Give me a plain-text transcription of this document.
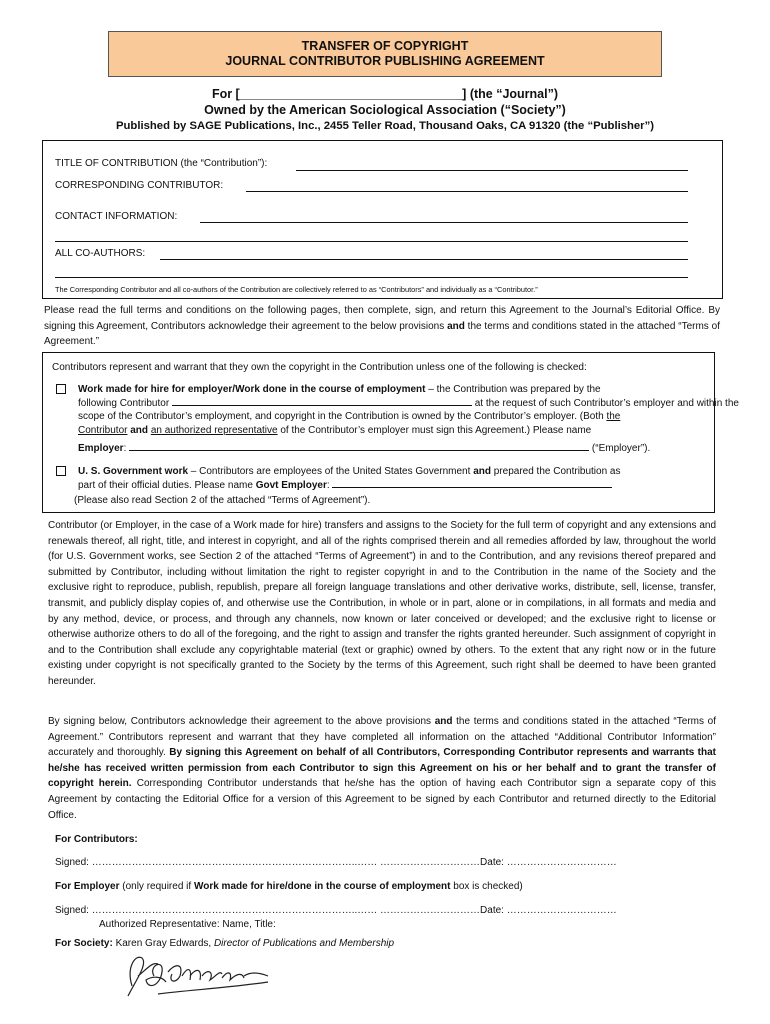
TRANSFER OF COPYRIGHT
JOURNAL CONTRIBUTOR PUBLISHING AGREEMENT
For [________________________________] (the “Journal”)
Owned by the American Sociological Association (“Society”)
Published by SAGE Publications, Inc., 2455 Teller Road, Thousand Oaks, CA 91320 (the “Publisher”)
TITLE OF CONTRIBUTION (the “Contribution”):
CORRESPONDING CONTRIBUTOR:
CONTACT INFORMATION:
ALL CO-AUTHORS:
The Corresponding Contributor and all co-authors of the Contribution are collectively referred to as “Contributors” and individually as a “Contributor.”
Please read the full terms and conditions on the following pages, then complete, sign, and return this Agreement to the Journal’s Editorial Office. By signing this Agreement, Contributors acknowledge their agreement to the below provisions and the terms and conditions stated in the attached “Terms of Agreement.”
Contributors represent and warrant that they own the copyright in the Contribution unless one of the following is checked:
Work made for hire for employer/Work done in the course of employment – the Contribution was prepared by the
following Contributor	at the request of such Contributor’s employer and within the
scope of the Contributor’s employment, and copyright in the Contribution is owned by the Contributor’s employer. (Both the
Contributor and an authorized representative of the Contributor’s employer must sign this Agreement.) Please name
Employer:	(“Employer”).
U. S. Government work – Contributors are employees of the United States Government and prepared the Contribution as
part of their official duties. Please name Govt Employer:
(Please also read Section 2 of the attached “Terms of Agreement”).
Contributor (or Employer, in the case of a Work made for hire) transfers and assigns to the Society for the full term of copyright and any extensions and renewals thereof, all right, title, and interest in copyright, and all of the rights comprised therein and all remedies afforded by law, throughout the world (for U.S. Government works, see Section 2 of the attached “Terms of Agreement”) in and to the Contribution, and any revisions thereof prepared and submitted by Contributor, including without limitation the right to register copyright in and to the Contribution in the name of the Society and the exclusive right to reproduce, publish, republish, prepare all foreign language translations and other derivative works, distribute, sell, license, transfer, transmit, and publicly display copies of, and otherwise use the Contribution, in whole or in part, alone or in compilations, in all formats and media and by any method, device, or process, and through any channels, now known or later conceived or developed; and the exclusive right to license or otherwise authorize others to do all of the foregoing, and the right to assign and transfer the rights granted hereunder. Such assignment of copyright in and to the Contribution shall exclude any copyrightable material (text or graphic) owned by others. To the extent that any right now or in the future existing under copyright is not specifically granted to the Society by the terms of this Agreement, such right shall be deemed to have been granted hereunder.
By signing below, Contributors acknowledge their agreement to the above provisions and the terms and conditions stated in the attached “Terms of Agreement.” Contributors represent and warrant that they have completed all information on the attached “Additional Contributor Information” accurately and thoroughly. By signing this Agreement on behalf of all Contributors, Corresponding Contributor represents and warrants that he/she has received written permission from each Contributor to sign this Agreement on his or her behalf and to grant the transfer of copyright herein. Corresponding Contributor understands that he/she has the option of having each Contributor sign a separate copy of this Agreement by contacting the Editorial Office for a version of this Agreement to be signed by each Contributor and returned directly to the Editorial Office.
For Contributors:
Signed: ……………………………………………………………………..…… …………………………Date: ……………………………
For Employer (only required if Work made for hire/done in the course of employment box is checked)
Signed: ……………………………………………………………………..…… …………………………Date: ……………………………
Authorized Representative: Name, Title:
For Society: Karen Gray Edwards, Director of Publications and Membership
